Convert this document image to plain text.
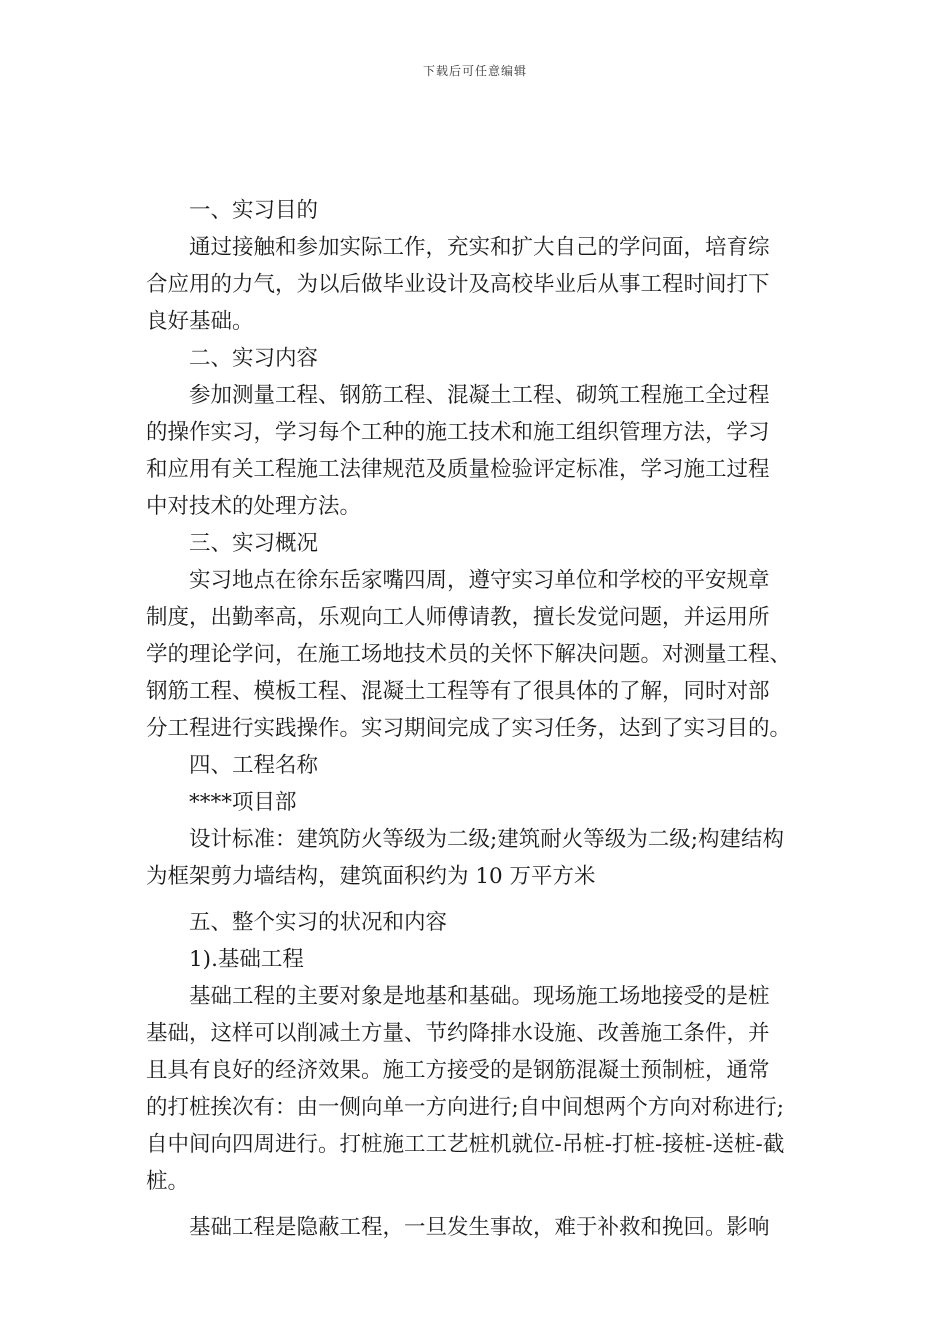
下载后可任意编辑
一、实习目的
通过接触和参加实际工作，充实和扩大自己的学问面，培育综
合应用的力气，为以后做毕业设计及高校毕业后从事工程时间打下
良好基础。
二、实习内容
参加测量工程、钢筋工程、混凝土工程、砌筑工程施工全过程
的操作实习，学习每个工种的施工技术和施工组织管理方法，学习
和应用有关工程施工法律规范及质量检验评定标准，学习施工过程
中对技术的处理方法。
三、实习概况
实习地点在徐东岳家嘴四周，遵守实习单位和学校的平安规章
制度，出勤率高，乐观向工人师傅请教，擅长发觉问题，并运用所
学的理论学问，在施工场地技术员的关怀下解决问题。对测量工程、
钢筋工程、模板工程、混凝土工程等有了很具体的了解，同时对部
分工程进行实践操作。实习期间完成了实习任务，达到了实习目的。
四、工程名称
****项目部
设计标准：建筑防火等级为二级;建筑耐火等级为二级;构建结构
为框架剪力墙结构，建筑面积约为 10 万平方米
五、整个实习的状况和内容
1).基础工程
基础工程的主要对象是地基和基础。现场施工场地接受的是桩
基础，这样可以削减土方量、节约降排水设施、改善施工条件，并
且具有良好的经济效果。施工方接受的是钢筋混凝土预制桩，通常
的打桩挨次有：由一侧向单一方向进行;自中间想两个方向对称进行;
自中间向四周进行。打桩施工工艺桩机就位-吊桩-打桩-接桩-送桩-截
桩。
基础工程是隐蔽工程，一旦发生事故，难于补救和挽回。影响
